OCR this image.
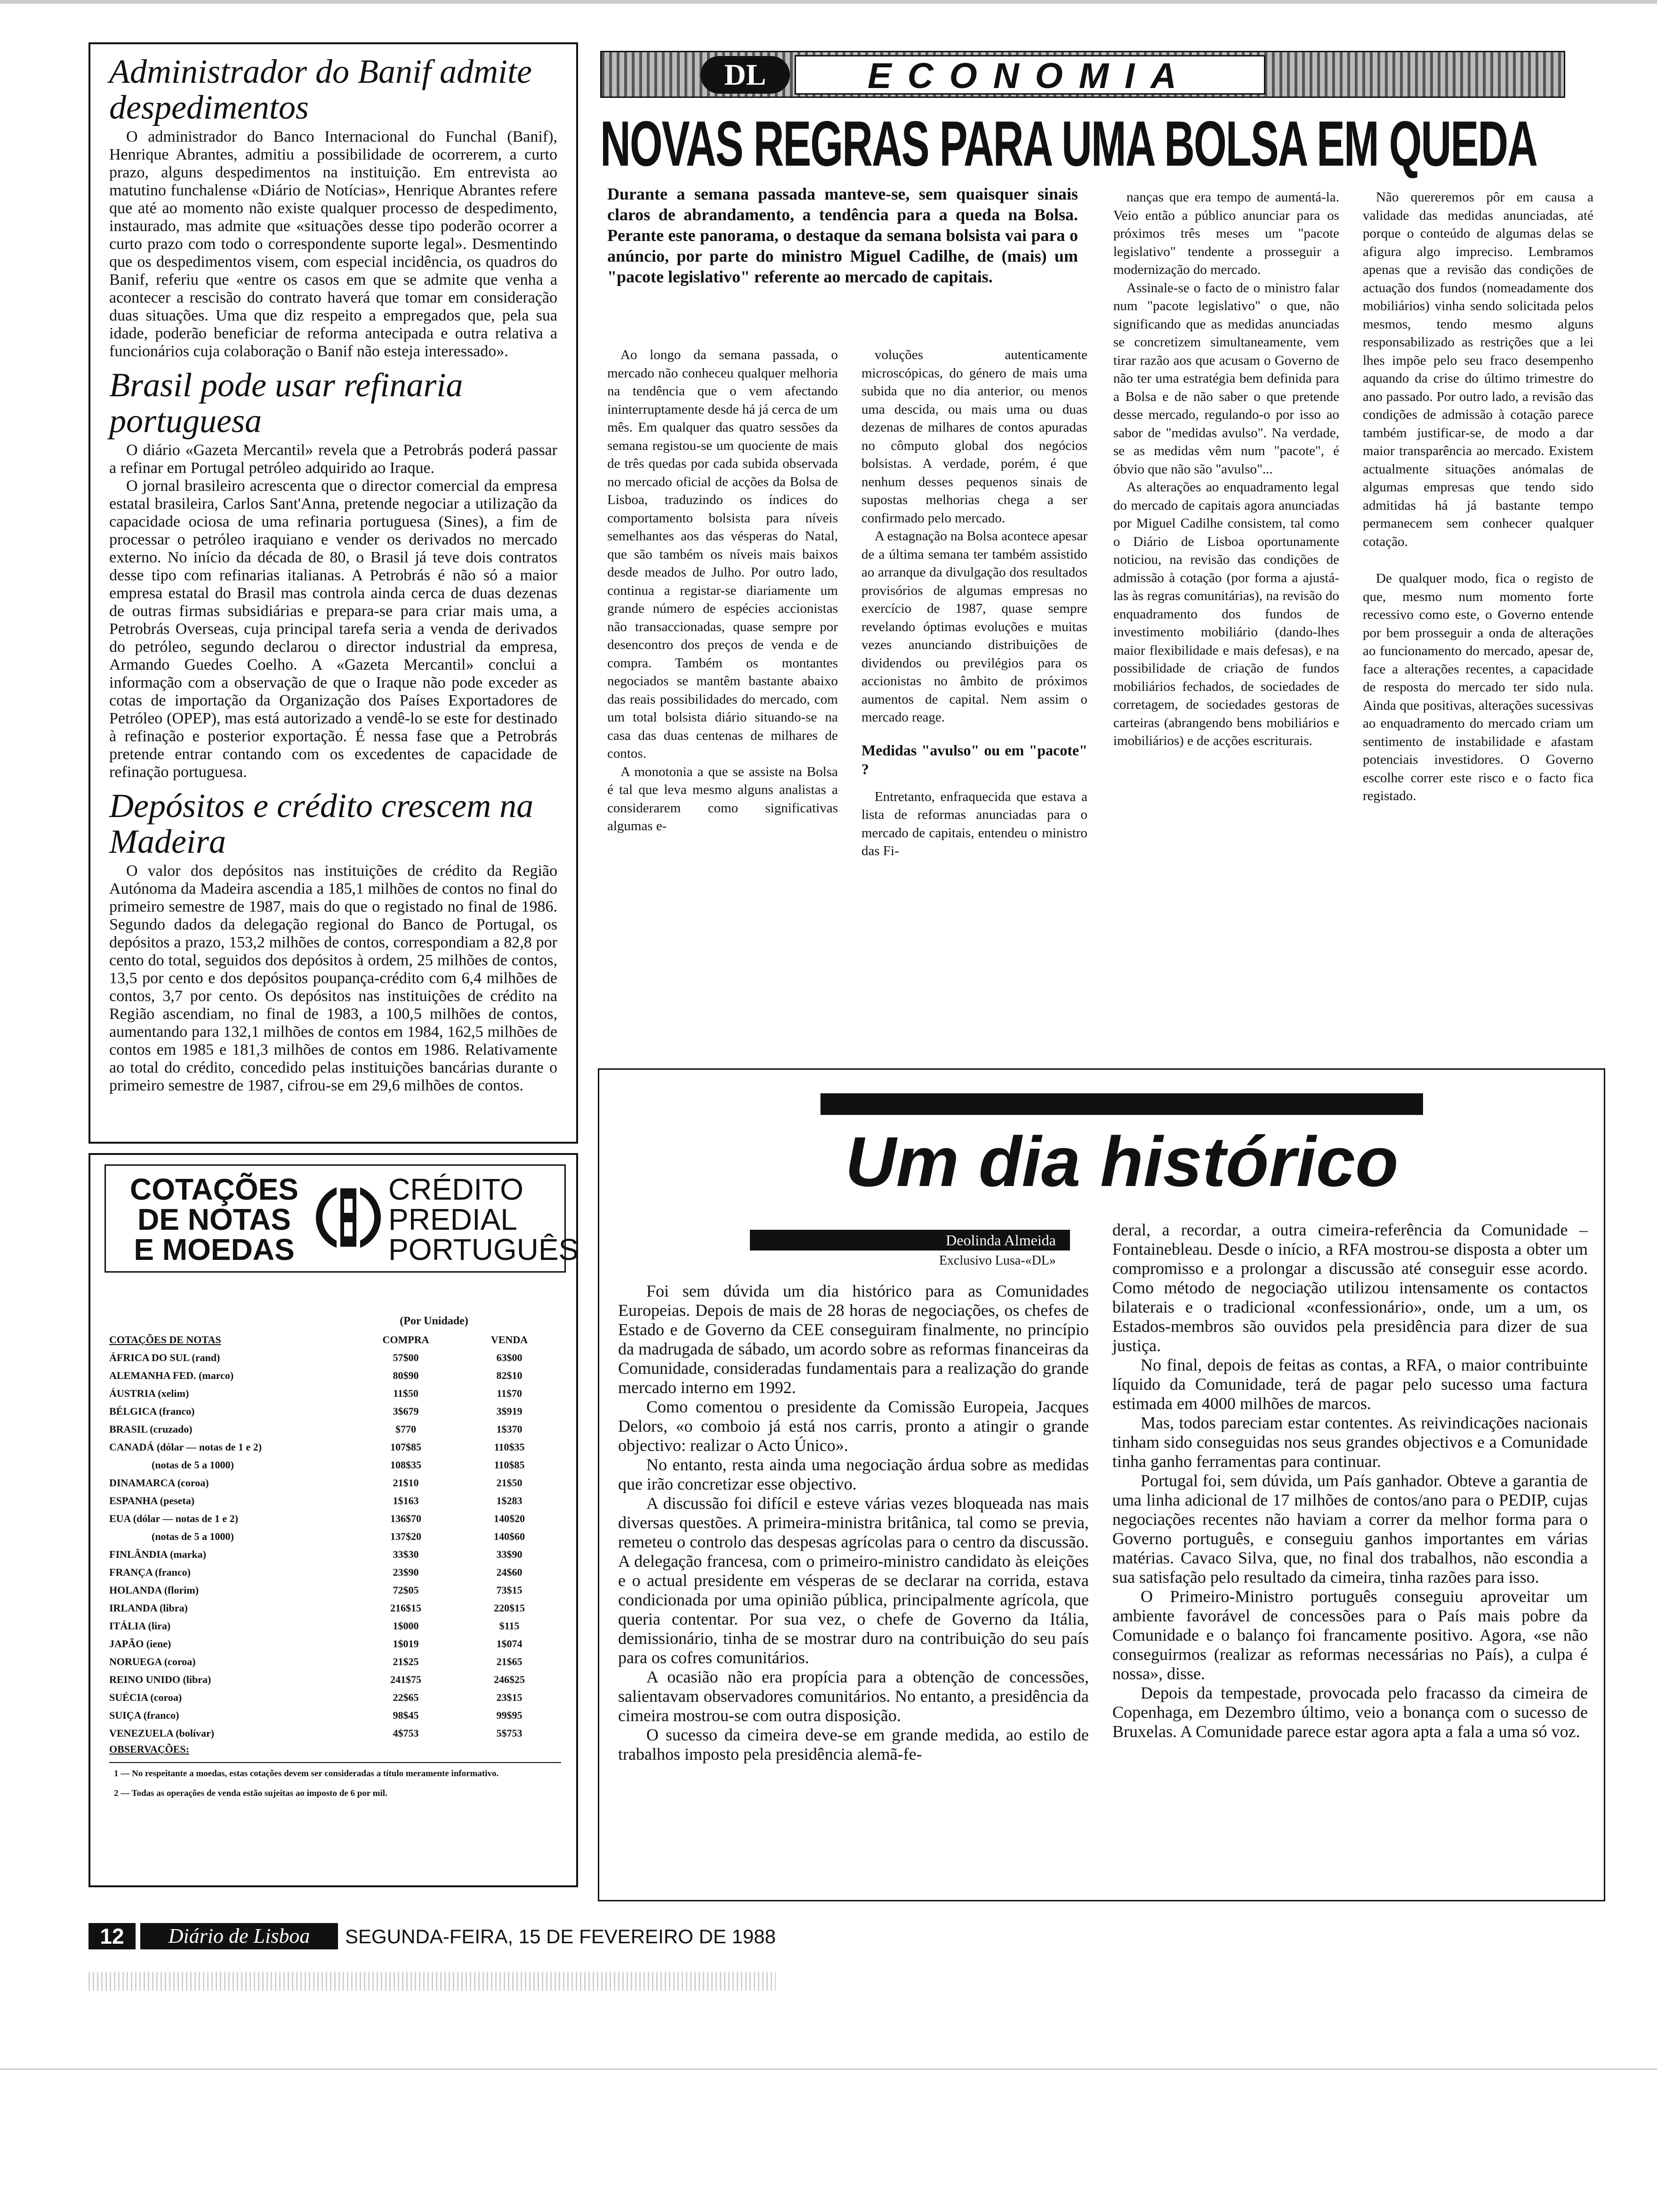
Administrador do Banif admite despedimentos

O administrador do Banco Internacional do Funchal (Banif), Henrique Abrantes, admitiu a possibilidade de ocorrerem, a curto prazo, alguns despedimentos na instituição. Em entrevista ao matutino funchalense «Diário de Notícias», Henrique Abrantes refere que até ao momento não existe qualquer processo de despedimento, instaurado, mas admite que «situações desse tipo poderão ocorrer a curto prazo com todo o correspondente suporte legal». Desmentindo que os despedimentos visem, com especial incidência, os quadros do Banif, referiu que «entre os casos em que se admite que venha a acontecer a rescisão do contrato haverá que tomar em consideração duas situações. Uma que diz respeito a empregados que, pela sua idade, poderão beneficiar de reforma antecipada e outra relativa a funcionários cuja colaboração o Banif não esteja interessado».

Brasil pode usar refinaria portuguesa

O diário «Gazeta Mercantil» revela que a Petrobrás poderá passar a refinar em Portugal petróleo adquirido ao Iraque.

O jornal brasileiro acrescenta que o director comercial da empresa estatal brasileira, Carlos Sant'Anna, pretende negociar a utilização da capacidade ociosa de uma refinaria portuguesa (Sines), a fim de processar o petróleo iraquiano e vender os derivados no mercado externo. No início da década de 80, o Brasil já teve dois contratos desse tipo com refinarias italianas. A Petrobrás é não só a maior empresa estatal do Brasil mas controla ainda cerca de duas dezenas de outras firmas subsidiárias e prepara-se para criar mais uma, a Petrobrás Overseas, cuja principal tarefa seria a venda de derivados do petróleo, segundo declarou o director industrial da empresa, Armando Guedes Coelho. A «Gazeta Mercantil» conclui a informação com a observação de que o Iraque não pode exceder as cotas de importação da Organização dos Países Exportadores de Petróleo (OPEP), mas está autorizado a vendê-lo se este for destinado à refinação e posterior exportação. É nessa fase que a Petrobrás pretende entrar contando com os excedentes de capacidade de refinação portuguesa.

Depósitos e crédito crescem na Madeira

O valor dos depósitos nas instituições de crédito da Região Autónoma da Madeira ascendia a 185,1 milhões de contos no final do primeiro semestre de 1987, mais do que o registado no final de 1986. Segundo dados da delegação regional do Banco de Portugal, os depósitos a prazo, 153,2 milhões de contos, correspondiam a 82,8 por cento do total, seguidos dos depósitos à ordem, 25 milhões de contos, 13,5 por cento e dos depósitos poupança-crédito com 6,4 milhões de contos, 3,7 por cento. Os depósitos nas instituições de crédito na Região ascendiam, no final de 1983, a 100,5 milhões de contos, aumentando para 132,1 milhões de contos em 1984, 162,5 milhões de contos em 1985 e 181,3 milhões de contos em 1986. Relativamente ao total do crédito, concedido pelas instituições bancárias durante o primeiro semestre de 1987, cifrou-se em 29,6 milhões de contos.

DL	ECONOMIA
NOVAS REGRAS PARA UMA BOLSA EM QUEDA

Durante a semana passada manteve-se, sem quaisquer sinais claros de abrandamento, a tendência para a queda na Bolsa. Perante este panorama, o destaque da semana bolsista vai para o anúncio, por parte do ministro Miguel Cadilhe, de (mais) um "pacote legislativo" referente ao mercado de capitais.

Ao longo da semana passada, o mercado não conheceu qualquer melhoria na tendência que o vem afectando ininterruptamente desde há já cerca de um mês. Em qualquer das quatro sessões da semana registou-se um quociente de mais de três quedas por cada subida observada no mercado oficial de acções da Bolsa de Lisboa, traduzindo os índices do comportamento bolsista para níveis semelhantes aos das vésperas do Natal, que são também os níveis mais baixos desde meados de Julho. Por outro lado, continua a registar-se diariamente um grande número de espécies accionistas não transaccionadas, quase sempre por desencontro dos preços de venda e de compra. Também os montantes negociados se mantêm bastante abaixo das reais possibilidades do mercado, com um total bolsista diário situando-se na casa das duas centenas de milhares de contos.

A monotonia a que se assiste na Bolsa é tal que leva mesmo alguns analistas a considerarem como significativas algumas e-

voluções autenticamente microscópicas, do género de mais uma subida que no dia anterior, ou menos uma descida, ou mais uma ou duas dezenas de milhares de contos apuradas no cômputo global dos negócios bolsistas. A verdade, porém, é que nenhum desses pequenos sinais de supostas melhorias chega a ser confirmado pelo mercado.

A estagnação na Bolsa acontece apesar de a última semana ter também assistido ao arranque da divulgação dos resultados provisórios de algumas empresas no exercício de 1987, quase sempre revelando óptimas evoluções e muitas vezes anunciando distribuições de dividendos ou previlégios para os accionistas no âmbito de próximos aumentos de capital. Nem assim o mercado reage.

Medidas "avulso" ou em "pacote" ?

Entretanto, enfraquecida que estava a lista de reformas anunciadas para o mercado de capitais, entendeu o ministro das Fi-

nanças que era tempo de aumentá-la. Veio então a público anunciar para os próximos três meses um "pacote legislativo" tendente a prosseguir a modernização do mercado.

Assinale-se o facto de o ministro falar num "pacote legislativo" o que, não significando que as medidas anunciadas se concretizem simultaneamente, vem tirar razão aos que acusam o Governo de não ter uma estratégia bem definida para a Bolsa e de não saber o que pretende desse mercado, regulando-o por isso ao sabor de "medidas avulso". Na verdade, se as medidas vêm num "pacote", é óbvio que não são "avulso"...

As alterações ao enquadramento legal do mercado de capitais agora anunciadas por Miguel Cadilhe consistem, tal como o Diário de Lisboa oportunamente noticiou, na revisão das condições de admissão à cotação (por forma a ajustá-las às regras comunitárias), na revisão do enquadramento dos fundos de investimento mobiliário (dando-lhes maior flexibilidade e mais defesas), e na possibilidade de criação de fundos mobiliários fechados, de sociedades de corretagem, de sociedades gestoras de carteiras (abrangendo bens mobiliários e imobiliários) e de acções escriturais.

Não quereremos pôr em causa a validade das medidas anunciadas, até porque o conteúdo de algumas delas se afigura algo impreciso. Lembramos apenas que a revisão das condições de actuação dos fundos (nomeadamente dos mobiliários) vinha sendo solicitada pelos mesmos, tendo mesmo alguns responsabilizado as restrições que a lei lhes impõe pelo seu fraco desempenho aquando da crise do último trimestre do ano passado. Por outro lado, a revisão das condições de admissão à cotação parece também justificar-se, de modo a dar maior transparência ao mercado. Existem actualmente situações anómalas de algumas empresas que tendo sido admitidas há já bastante tempo permanecem sem conhecer qualquer cotação.

De qualquer modo, fica o registo de que, mesmo num momento forte recessivo como este, o Governo entende por bem prosseguir a onda de alterações ao funcionamento do mercado, apesar de, face a alterações recentes, a capacidade de resposta do mercado ter sido nula. Ainda que positivas, alterações sucessivas ao enquadramento do mercado criam um sentimento de instabilidade e afastam potenciais investidores. O Governo escolhe correr este risco e o facto fica registado.

COTAÇÕES
DE NOTAS
E MOEDAS
CRÉDITO
PREDIAL
PORTUGUÊS
(Por Unidade)
COTAÇÕES DE NOTAS	COMPRA	VENDA
ÁFRICA DO SUL (rand)	57$00	63$00
ALEMANHA FED. (marco)	80$90	82$10
ÁUSTRIA (xelim)	11$50	11$70
BÉLGICA (franco)	3$679	3$919
BRASIL (cruzado)	$770	1$370
CANADÁ (dólar — notas de 1 e 2)	107$85	110$35
(notas de 5 a 1000)	108$35	110$85
DINAMARCA (coroa)	21$10	21$50
ESPANHA (peseta)	1$163	1$283
EUA (dólar — notas de 1 e 2)	136$70	140$20
(notas de 5 a 1000)	137$20	140$60
FINLÂNDIA (marka)	33$30	33$90
FRANÇA (franco)	23$90	24$60
HOLANDA (florim)	72$05	73$15
IRLANDA (libra)	216$15	220$15
ITÁLIA (lira)	1$000	$115
JAPÃO (iene)	1$019	1$074
NORUEGA (coroa)	21$25	21$65
REINO UNIDO (libra)	241$75	246$25
SUÉCIA (coroa)	22$65	23$15
SUIÇA (franco)	98$45	99$95
VENEZUELA (bolívar)	4$753	5$753
OBSERVAÇÕES:
1 — No respeitante a moedas, estas cotações devem ser consideradas a título meramente informativo.
2 — Todas as operações de venda estão sujeitas ao imposto de 6 por mil.
Um dia histórico
Deolinda Almeida
Exclusivo Lusa-«DL»

Foi sem dúvida um dia histórico para as Comunidades Europeias. Depois de mais de 28 horas de negociações, os chefes de Estado e de Governo da CEE conseguiram finalmente, no princípio da madrugada de sábado, um acordo sobre as reformas financeiras da Comunidade, consideradas fundamentais para a realização do grande mercado interno em 1992.

Como comentou o presidente da Comissão Europeia, Jacques Delors, «o comboio já está nos carris, pronto a atingir o grande objectivo: realizar o Acto Único».

No entanto, resta ainda uma negociação árdua sobre as medidas que irão concretizar esse objectivo.

A discussão foi difícil e esteve várias vezes bloqueada nas mais diversas questões. A primeira-ministra britânica, tal como se previa, remeteu o controlo das despesas agrícolas para o centro da discussão. A delegação francesa, com o primeiro-ministro candidato às eleições e o actual presidente em vésperas de se declarar na corrida, estava condicionada por uma opinião pública, principalmente agrícola, que queria contentar. Por sua vez, o chefe de Governo da Itália, demissionário, tinha de se mostrar duro na contribuição do seu país para os cofres comunitários.

A ocasião não era propícia para a obtenção de concessões, salientavam observadores comunitários. No entanto, a presidência da cimeira mostrou-se com outra disposição.

O sucesso da cimeira deve-se em grande medida, ao estilo de trabalhos imposto pela presidência alemã-fe-

deral, a recordar, a outra cimeira-referência da Comunidade – Fontainebleau. Desde o início, a RFA mostrou-se disposta a obter um compromisso e a prolongar a discussão até conseguir esse acordo. Como método de negociação utilizou intensamente os contactos bilaterais e o tradicional «confessionário», onde, um a um, os Estados-membros são ouvidos pela presidência para dizer de sua justiça.

No final, depois de feitas as contas, a RFA, o maior contribuinte líquido da Comunidade, terá de pagar pelo sucesso uma factura estimada em 4000 milhões de marcos.

Mas, todos pareciam estar contentes. As reivindicações nacionais tinham sido conseguidas nos seus grandes objectivos e a Comunidade tinha ganho ferramentas para continuar.

Portugal foi, sem dúvida, um País ganhador. Obteve a garantia de uma linha adicional de 17 milhões de contos/ano para o PEDIP, cujas negociações recentes não haviam a correr da melhor forma para o Governo português, e conseguiu ganhos importantes em várias matérias. Cavaco Silva, que, no final dos trabalhos, não escondia a sua satisfação pelo resultado da cimeira, tinha razões para isso.

O Primeiro-Ministro português conseguiu aproveitar um ambiente favorável de concessões para o País mais pobre da Comunidade e o balanço foi francamente positivo. Agora, «se não conseguirmos (realizar as reformas necessárias no País), a culpa é nossa», disse.

Depois da tempestade, provocada pelo fracasso da cimeira de Copenhaga, em Dezembro último, veio a bonança com o sucesso de Bruxelas. A Comunidade parece estar agora apta a fala a uma só voz.

12	Diário de Lisboa	SEGUNDA-FEIRA, 15 DE FEVEREIRO DE 1988
